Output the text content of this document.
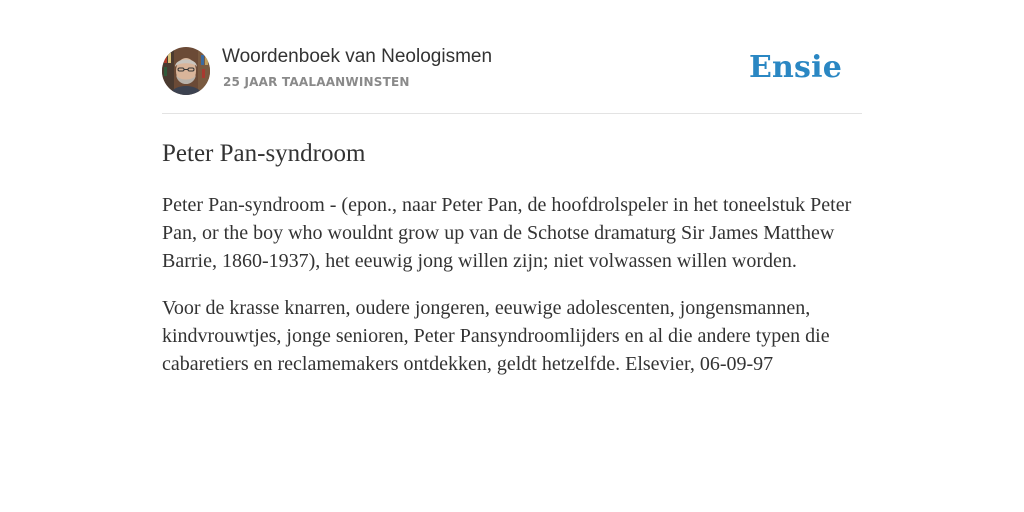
Woordenboek van Neologismen
25 JAAR TAALAANWINSTEN	Ensie
Peter Pan-syndroom

Peter Pan-syndroom - (epon., naar Peter Pan, de hoofdrolspeler in het toneelstuk Peter Pan, or the boy who wouldnt grow up van de Schotse dramaturg Sir James Matthew Barrie, 1860-1937), het eeuwig jong willen zijn; niet volwassen willen worden.

Voor de krasse knarren, oudere jongeren, eeuwige adolescenten, jongensmannen, kindvrouwtjes, jonge senioren, Peter Pansyndroomlijders en al die andere typen die cabaretiers en reclamemakers ontdekken, geldt hetzelfde. Elsevier, 06-09-97
